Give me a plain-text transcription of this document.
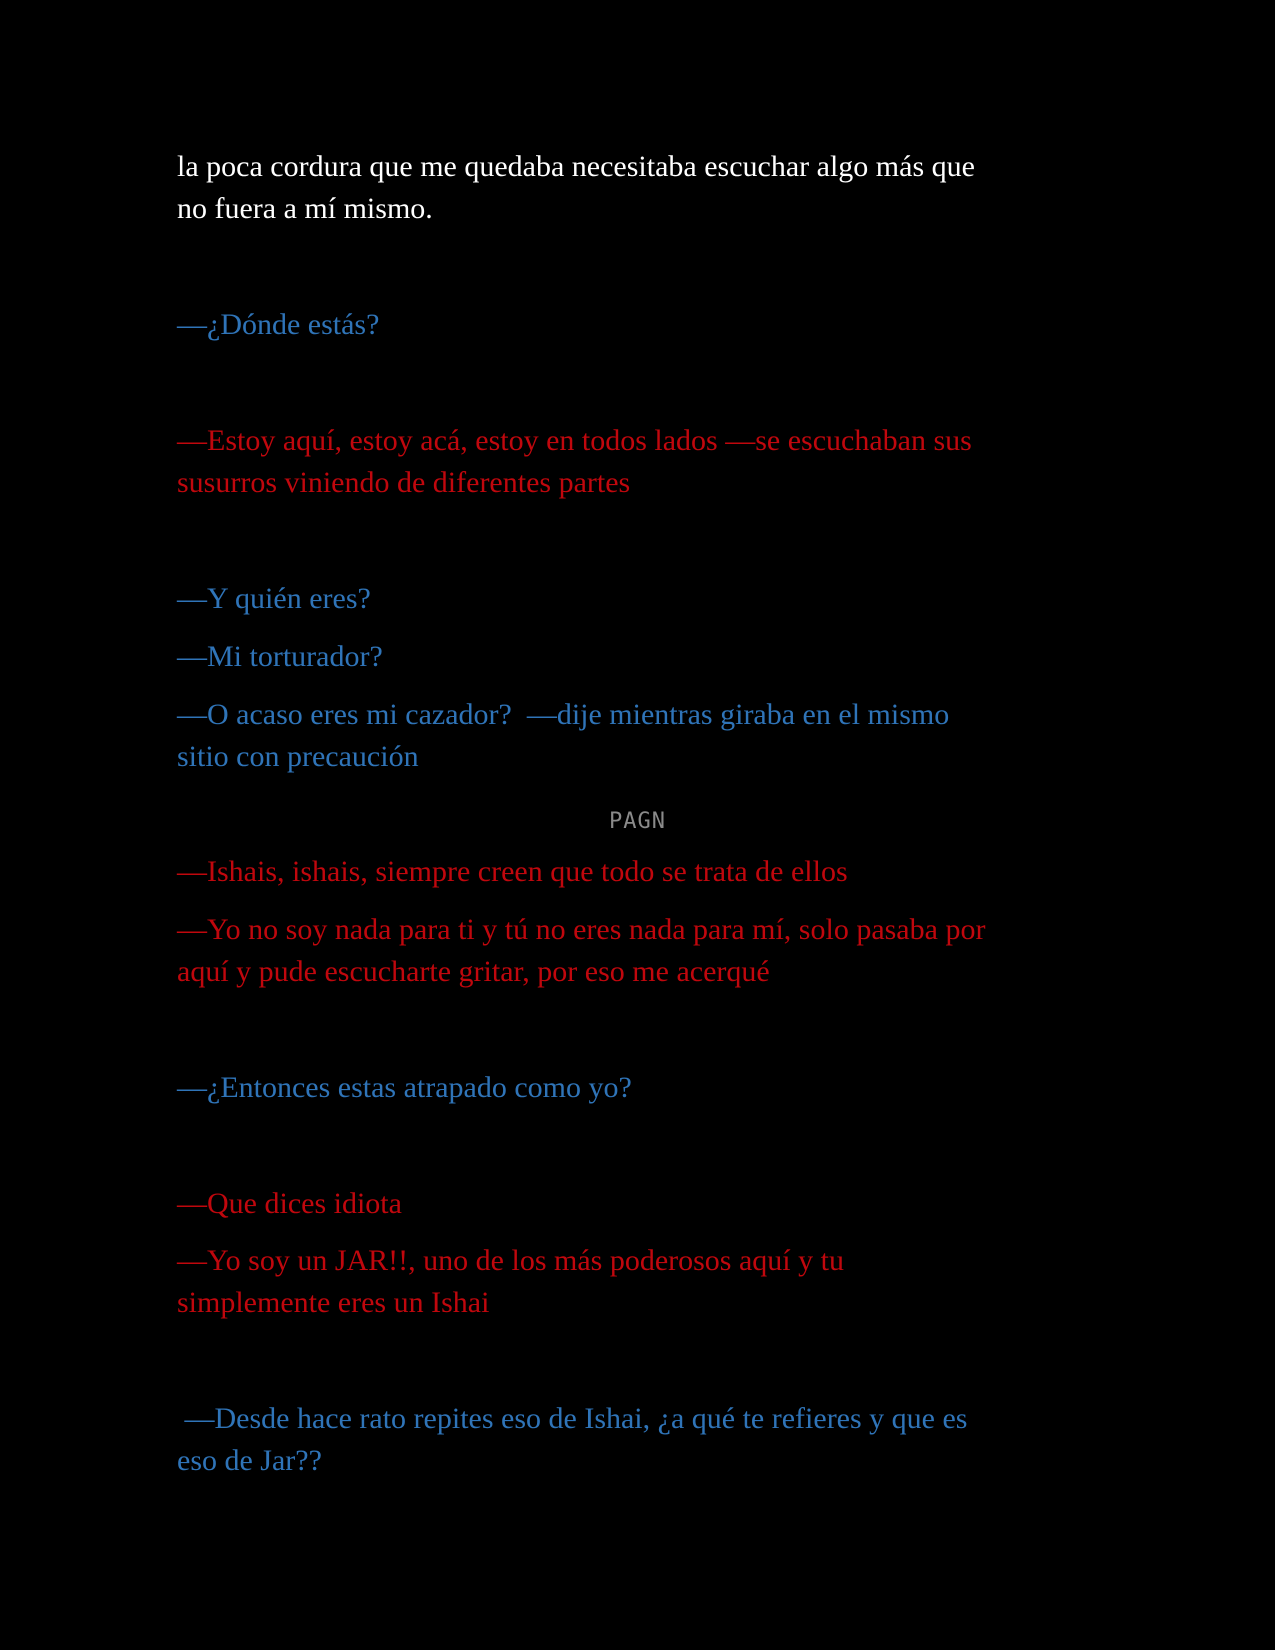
la poca cordura que me quedaba necesitaba escuchar algo más que
no fuera a mí mismo.

—¿Dónde estás?

—Estoy aquí, estoy acá, estoy en todos lados —se escuchaban sus
susurros viniendo de diferentes partes

—Y quién eres?

—Mi torturador?

—O acaso eres mi cazador?  —dije mientras giraba en el mismo
sitio con precaución

PAGN

—Ishais, ishais, siempre creen que todo se trata de ellos

—Yo no soy nada para ti y tú no eres nada para mí, solo pasaba por
aquí y pude escucharte gritar, por eso me acerqué

—¿Entonces estas atrapado como yo?

—Que dices idiota

—Yo soy un JAR!!, uno de los más poderosos aquí y tu
simplemente eres un Ishai

—Desde hace rato repites eso de Ishai, ¿a qué te refieres y que es
eso de Jar??
